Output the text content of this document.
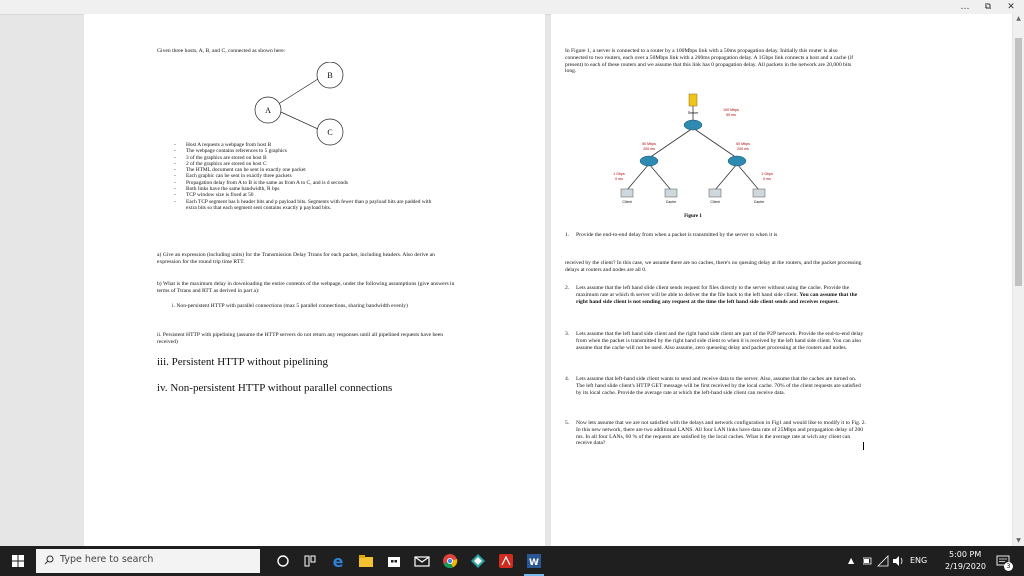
…	⧉	✕
Given three hosts, A, B, and C, connected as shown here:
B
A
C
- Host A requests a webpage from host B
- The webpage contains references to 5 graphics
- 3 of the graphics are stored on host B
- 2 of the graphics are stored on host C
- The HTML document can be sent in exactly one packet
- Each graphic can be sent in exactly three packets
- Propagation delay from A to B is the same as from A to C, and is d seconds
- Both links have the same bandwidth, R bps
- TCP window size is fixed at 50
- Each TCP segment has h header bits and p payload bits. Segments with fewer than p payload bits are padded with extra bits so that each segment sent contains exactly p payload bits.
a) Give an expression (including units) for the Transmission Delay Ttrans for each packet, including headers. Also derive an expression for the round trip time RTT.
b) What is the maximum delay in downloading the entire contents of the webpage, under the following assumptions (give answers in terms of Ttrans and RTT as derived in part a):
i. Non-persistent HTTP with parallel connections (max 5 parallel connections, sharing bandwidth evenly)
ii. Persistent HTTP with pipelining (assume the HTTP servers do not return any responses until all pipelined requests have been received)
iii. Persistent HTTP without pipelining
iv. Non-persistent HTTP without parallel connections
In Figure 1, a server is connected to a router by a 100Mbps link with a 50ms propagation delay. Initially this router is also connected to two routers, each over a 50Mbps link with a 200ms propagation delay. A 1Gbps link connects a host and a cache (if present) to each of these routers and we assume that this link has 0 propagation delay. All packets in the network are 20,000 bits long.
Server
100 Mbps
50 ms
50 Mbps
200 ms
50 Mbps
200 ms
1 Gbps
0 ms
1 Gbps
0 ms
Client	Cache	Client	Cache
Figure 1
1. Provide the end-to-end delay from when a packet is transmitted by the server to when it is
received by the client? In this case, we assume there are no caches, there's no queuing delay at the routers, and the packet processing delays at routers and nodes are all 0.
2. Lets assume that the left hand slide client sends request for files directly to the server without using the cache. Provide the maximum rate at which th server will be able to deliver the the file back to the left hand side client. You can assume that the right hand side client is not sending any request at the time the left hand side client sends and receives request.
3. Lets assume that the left hand side client and the right hand side client are part of the P2P network. Provide the end-to-end delay from when the packet is transmitted by the right hand side client to when it is received by the left hand side client. You can also assume that the cache will not be used. Also assume, zero queueing delay and packet processing at the routers and nodes.
4. Lets assume that left-hand side client wants to send and receive data to the server. Also, assume that the caches are turned on. The left hand slide client's HTTP GET message will be first received by the local cache. 70% of the client requests are satisfied by its local cache. Provide the average rate at which the left-hand side client can receive data.
5. Now lets assume that we are not satisfied with the delays and network configuration in Fig1 and would like to modify it to Fig. 2. In this new network, there are two additional LANS. All four LAN links have data rate of 25Mbps and propagation delay of 200 ms. In all four LANs, 60 % of the requests are satisfied by the local caches. What is the average rate at wich any client can receive data?
▲
▼
Type here to search	e	W	▲	ENG
5:00 PM
2/19/2020	3
